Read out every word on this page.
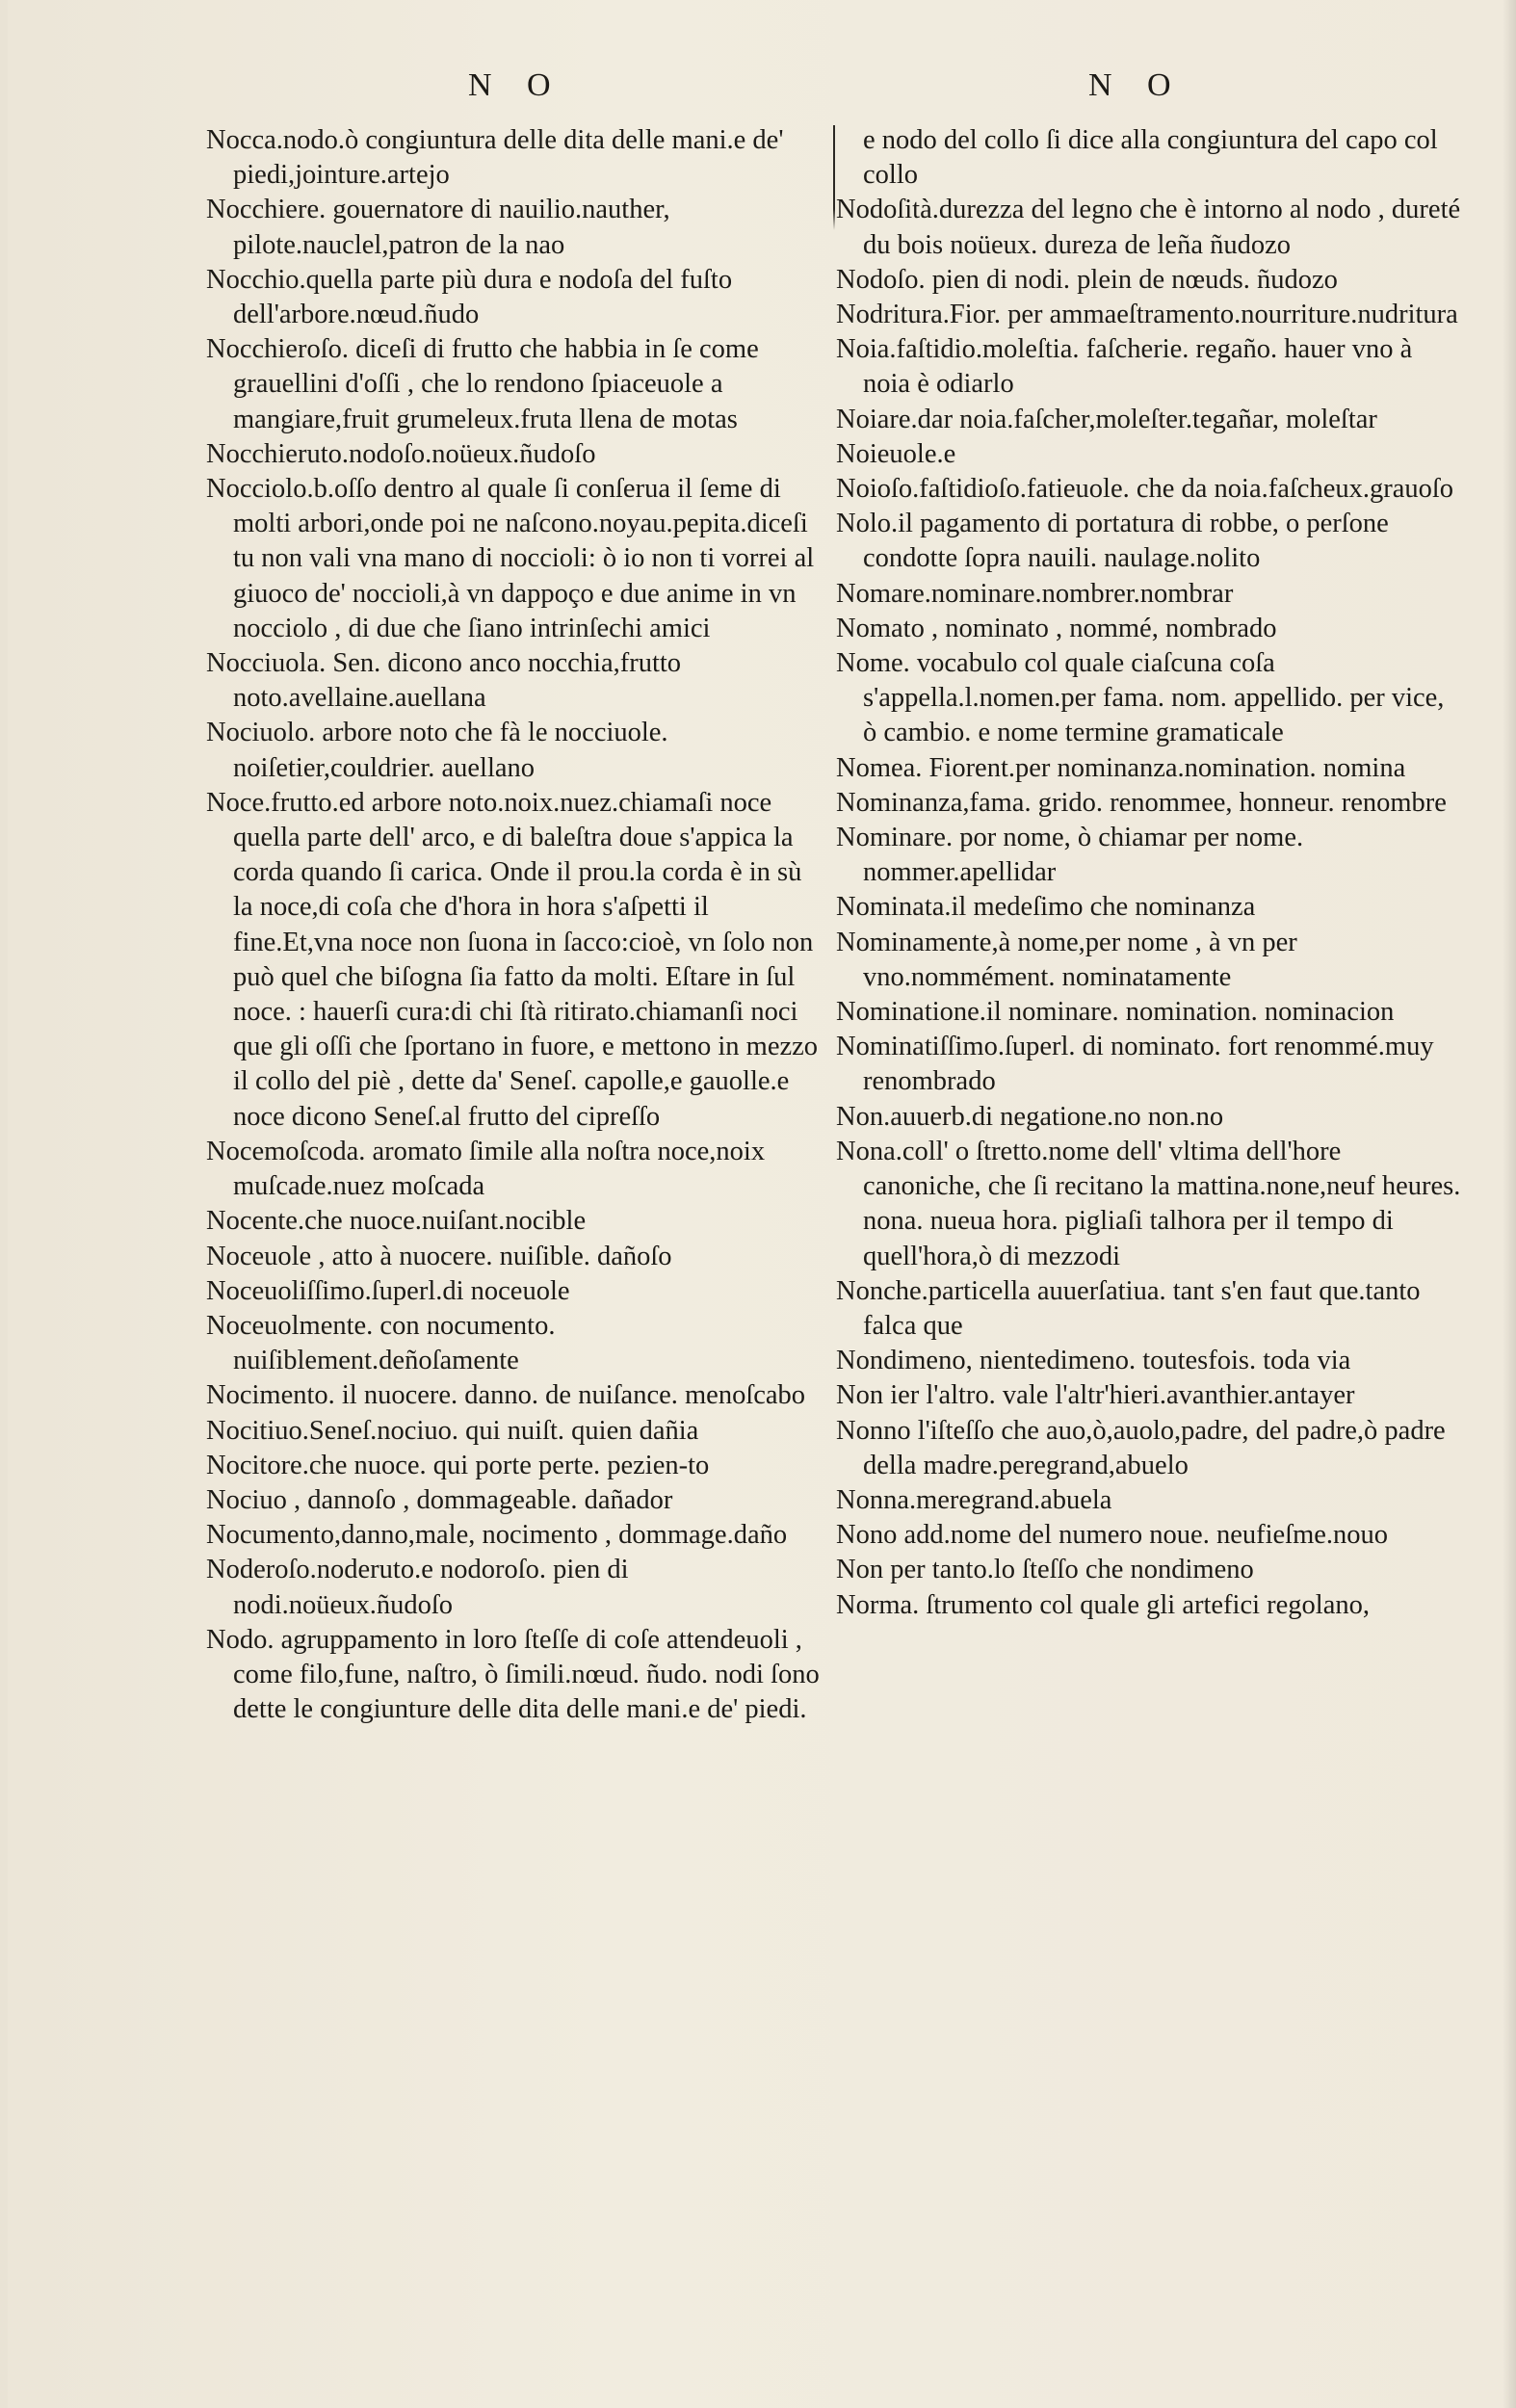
N O	N O

Nocca.nodo.ò congiuntura delle dita delle mani.e de' piedi,jointure.artejo

Nocchiere. gouernatore di nauilio.nauther, pilote.nauclel,patron de la nao

Nocchio.quella parte più dura e nodoſa del fuſto dell'arbore.nœud.ñudo

Nocchieroſo. diceſi di frutto che habbia in ſe come grauellini d'oſſi , che lo rendono ſpiaceuole a mangiare,fruit grumeleux.fruta llena de motas

Nocchieruto.nodoſo.noüeux.ñudoſo

Nocciolo.b.oſſo dentro al quale ſi conſerua il ſeme di molti arbori,onde poi ne naſcono.noyau.pepita.diceſi tu non vali vna mano di noccioli: ò io non ti vorrei al giuoco de' noccioli,à vn dappoço e due anime in vn nocciolo , di due che ſiano intrinſechi amici

Nocciuola. Sen. dicono anco nocchia,frutto noto.avellaine.auellana

Nociuolo. arbore noto che fà le nocciuole. noiſetier,couldrier. auellano

Noce.frutto.ed arbore noto.noix.nuez.chiamaſi noce quella parte dell' arco, e di baleſtra doue s'appica la corda quando ſi carica. Onde il prou.la corda è in sù la noce,di coſa che d'hora in hora s'aſpetti il fine.Et,vna noce non ſuona in ſacco:cioè, vn ſolo non può quel che biſogna ſia fatto da molti. Eſtare in ſul noce. : hauerſi cura:di chi ſtà ritirato.chiamanſi noci que gli oſſi che ſportano in fuore, e mettono in mezzo il collo del piè , dette da' Seneſ. capolle,e gauolle.e noce dicono Seneſ.al frutto del cipreſſo

Nocemoſcoda. aromato ſimile alla noſtra noce,noix muſcade.nuez moſcada

Nocente.che nuoce.nuiſant.nocible

Noceuole , atto à nuocere. nuiſible. dañoſo

Noceuoliſſimo.ſuperl.di noceuole

Noceuolmente. con nocumento. nuiſiblement.deñoſamente

Nocimento. il nuocere. danno. de nuiſance. menoſcabo

Nocitiuo.Seneſ.nociuo. qui nuiſt. quien dañia

Nocitore.che nuoce. qui porte perte. pezien-to

Nociuo , dannoſo , dommageable. dañador

Nocumento,danno,male, nocimento , dommage.daño

Noderoſo.noderuto.e nodoroſo. pien di nodi.noüeux.ñudoſo

Nodo. agruppamento in loro ſteſſe di coſe attendeuoli , come filo,fune, naſtro, ò ſimili.nœud. ñudo. nodi ſono dette le congiunture delle dita delle mani.e de' piedi.

e nodo del collo ſi dice alla congiuntura del capo col collo

Nodoſità.durezza del legno che è intorno al nodo , dureté du bois noüeux. dureza de leña ñudozo

Nodoſo. pien di nodi. plein de nœuds. ñudozo

Nodritura.Fior. per ammaeſtramento.nourriture.nudritura

Noia.faſtidio.moleſtia. faſcherie. regaño. hauer vno à noia è odiarlo

Noiare.dar noia.faſcher,moleſter.tegañar, moleſtar

Noieuole.e

Noioſo.faſtidioſo.fatieuole. che da noia.faſcheux.grauoſo

Nolo.il pagamento di portatura di robbe, o perſone condotte ſopra nauili. naulage.nolito

Nomare.nominare.nombrer.nombrar

Nomato , nominato , nommé, nombrado

Nome. vocabulo col quale ciaſcuna coſa s'appella.l.nomen.per fama. nom. appellido. per vice, ò cambio. e nome termine gramaticale

Nomea. Fiorent.per nominanza.nomination. nomina

Nominanza,fama. grido. renommee, honneur. renombre

Nominare. por nome, ò chiamar per nome. nommer.apellidar

Nominata.il medeſimo che nominanza

Nominamente,à nome,per nome , à vn per vno.nommément. nominatamente

Nominatione.il nominare. nomination. nominacion

Nominatiſſimo.ſuperl. di nominato. fort renommé.muy renombrado

Non.auuerb.di negatione.no non.no

Nona.coll' o ſtretto.nome dell' vltima dell'hore canoniche, che ſi recitano la mattina.none,neuf heures. nona. nueua hora. pigliaſi talhora per il tempo di quell'hora,ò di mezzodi

Nonche.particella auuerſatiua. tant s'en faut que.tanto falca que

Nondimeno, nientedimeno. toutesfois. toda via

Non ier l'altro. vale l'altr'hieri.avanthier.antayer

Nonno l'iſteſſo che auo,ò,auolo,padre, del padre,ò padre della madre.peregrand,abuelo

Nonna.meregrand.abuela

Nono add.nome del numero noue. neufieſme.nouo

Non per tanto.lo ſteſſo che nondimeno

Norma. ſtrumento col quale gli artefici regolano,
